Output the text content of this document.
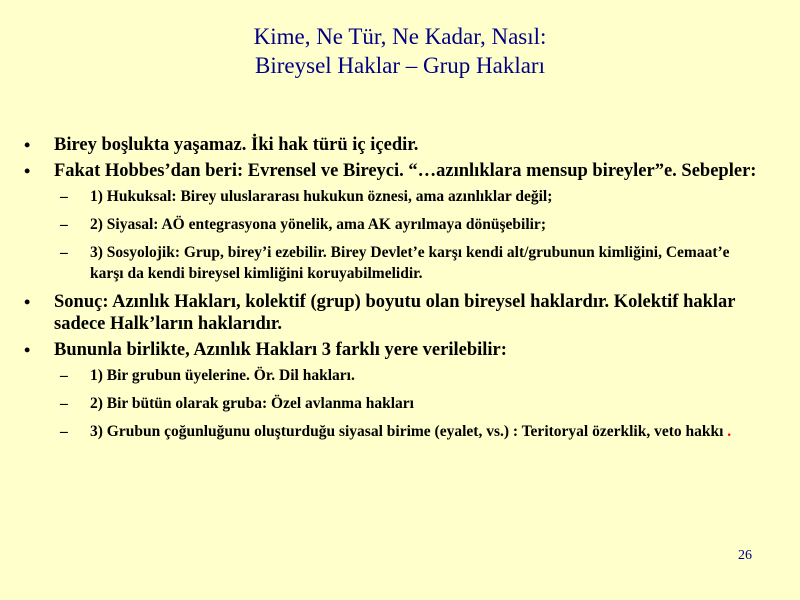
Kime, Ne Tür, Ne Kadar, Nasıl:
Bireysel Haklar – Grup Hakları
• Birey boşlukta yaşamaz. İki hak türü iç içedir.
• Fakat Hobbes’dan beri: Evrensel ve Bireyci. “…azınlıklara mensup bireyler”e. Sebepler:
– 1) Hukuksal: Birey uluslararası hukukun öznesi, ama azınlıklar değil;
– 2) Siyasal: AÖ entegrasyona yönelik, ama AK ayrılmaya dönüşebilir;
– 3) Sosyolojik: Grup, birey’i ezebilir. Birey Devlet’e karşı kendi alt/grubunun kimliğini, Cemaat’e karşı da kendi bireysel kimliğini koruyabilmelidir.
• Sonuç: Azınlık Hakları, kolektif (grup) boyutu olan bireysel haklardır. Kolektif haklar sadece Halk’ların haklarıdır.
• Bununla birlikte, Azınlık Hakları 3 farklı yere verilebilir:
– 1) Bir grubun üyelerine. Ör. Dil hakları.
– 2) Bir bütün olarak gruba: Özel avlanma hakları
– 3) Grubun çoğunluğunu oluşturduğu siyasal birime (eyalet, vs.) : Teritoryal özerklik, veto hakkı .
26
